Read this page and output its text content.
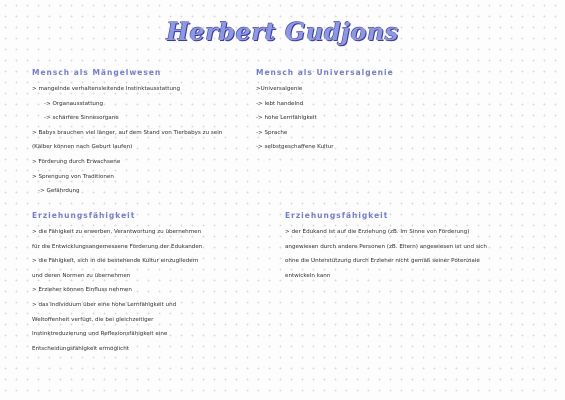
Herbert Gudjons
Mensch als Mängelwesen
> mangelnde verhaltensleitende Instinktausstattung
-> Organausstattung
-> schärfere Sinnesorgane
> Babys brauchen viel länger, auf dem Stand von Tierbabys zu sein
(Kälber können nach Geburt laufen)
> Förderung durch Erwachsene
> Sprengung von Traditionen
-> Gefährdung
Mensch als Universalgenie
>Universalgenie
-> lebt handelnd
-> hohe Lernfähigkeit
-> Sprache
-> selbstgeschaffene Kultur
Erziehungsfähigkeit
> die Fähigkeit zu erwerben, Verantwortung zu übernehmen
für die Entwicklungsangemessene Förderung der Edukanden
> die Fähigkeit, sich in die bestehende Kultur einzugliedern
und deren Normen zu übernehmen
> Erzieher können Einfluss nehmen
> das Individuum über eine hohe Lernfähigkeit und
Weltoffenheit verfügt, die bei gleichzeitiger
Instinktreduzierung und Reflexionsfähigkeit eine
Entscheidungsfähigkeit ermöglicht
Erziehungsfähigkeit
> der Edukand ist auf die Erziehung (zB. Im Sinne von Förderung)
angewiesen durch andere Personen (zB. Eltern) angewiesen ist und sich
ohne die Unterstützung durch Erzieher nicht gemäß seiner Potenziale
entwickeln kann
